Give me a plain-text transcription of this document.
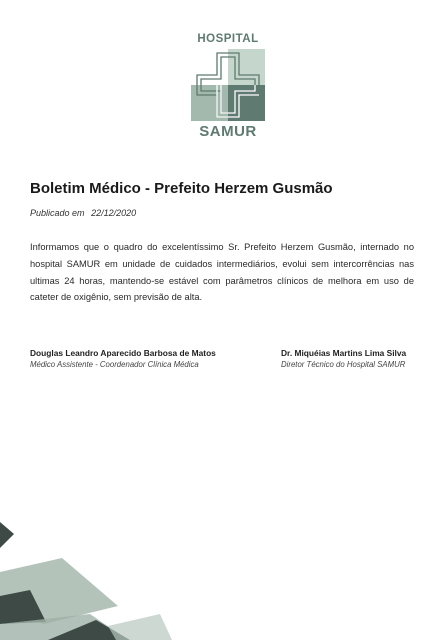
HOSPITAL
SAMUR
Boletim Médico - Prefeito Herzem Gusmão
Publicado em 22/12/2020
Informamos que o quadro do excelentíssimo Sr. Prefeito Herzem Gusmão, internado no hospital SAMUR em unidade de cuidados intermediários, evolui sem intercorrências nas ultimas 24 horas, mantendo-se estável com parâmetros clínicos de melhora em uso de cateter de oxigênio, sem previsão de alta.
Douglas Leandro Aparecido Barbosa de Matos
Médico Assistente - Coordenador Clínica Médica
Dr. Miquéias Martins Lima Silva
Diretor Técnico do Hospital SAMUR
